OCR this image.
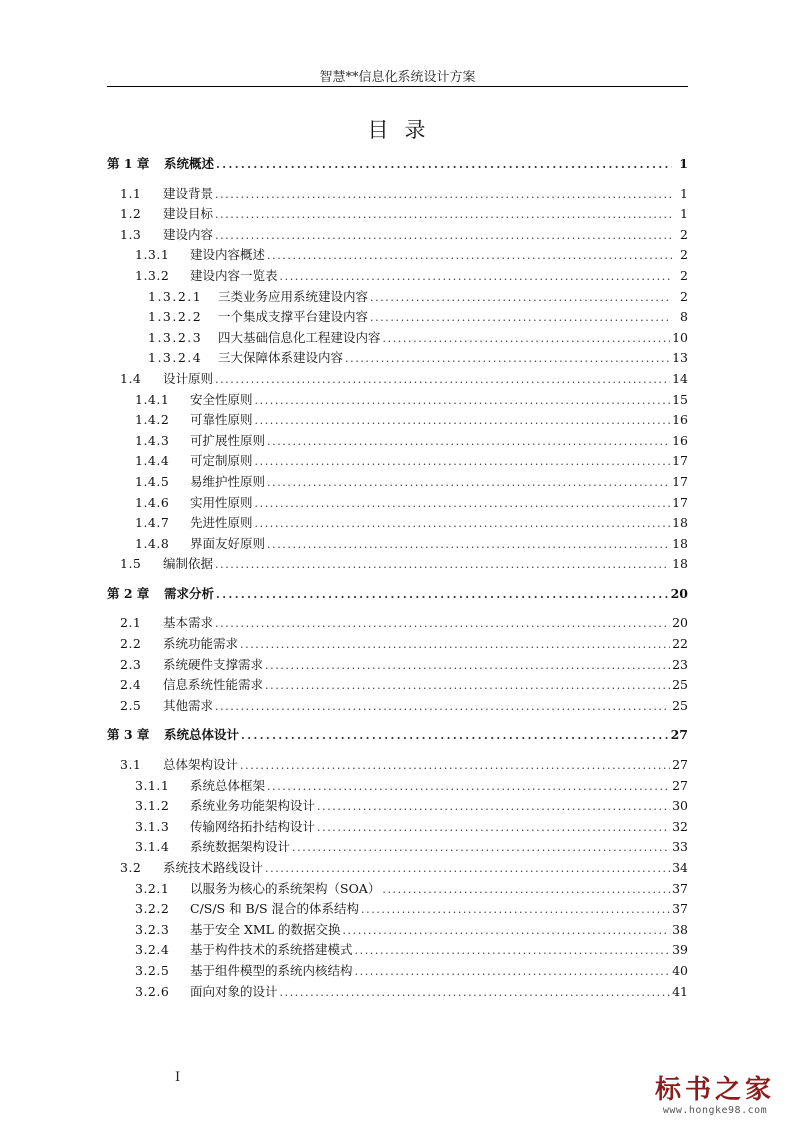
智慧**信息化系统设计方案
目录
第 1 章	系统概述 .....	1
1.1	建设背景 .....	1
1.2	建设目标 .....	1
1.3	建设内容 .....	2
1.3.1	建设内容概述 .....	2
1.3.2	建设内容一览表 .....	2
1.3.2.1	三类业务应用系统建设内容 .....	2
1.3.2.2	一个集成支撑平台建设内容 .....	8
1.3.2.3	四大基础信息化工程建设内容 .....	10
1.3.2.4	三大保障体系建设内容 .....	13
1.4	设计原则 .....	14
1.4.1	安全性原则 .....	15
1.4.2	可靠性原则 .....	16
1.4.3	可扩展性原则 .....	16
1.4.4	可定制原则 .....	17
1.4.5	易维护性原则 .....	17
1.4.6	实用性原则 .....	17
1.4.7	先进性原则 .....	18
1.4.8	界面友好原则 .....	18
1.5	编制依据 .....	18
第 2 章	需求分析 .....	20
2.1	基本需求 .....	20
2.2	系统功能需求 .....	22
2.3	系统硬件支撑需求 .....	23
2.4	信息系统性能需求 .....	25
2.5	其他需求 .....	25
第 3 章	系统总体设计 .....	27
3.1	总体架构设计 .....	27
3.1.1	系统总体框架 .....	27
3.1.2	系统业务功能架构设计 .....	30
3.1.3	传输网络拓扑结构设计 .....	32
3.1.4	系统数据架构设计 .....	33
3.2	系统技术路线设计 .....	34
3.2.1	以服务为核心的系统架构（SOA） .....	37
3.2.2	C/S/S 和 B/S 混合的体系结构 .....	37
3.2.3	基于安全 XML 的数据交换 .....	38
3.2.4	基于构件技术的系统搭建模式 .....	39
3.2.5	基于组件模型的系统内核结构 .....	40
3.2.6	面向对象的设计 .....	41
I	标书之家
www.hongke98.com
